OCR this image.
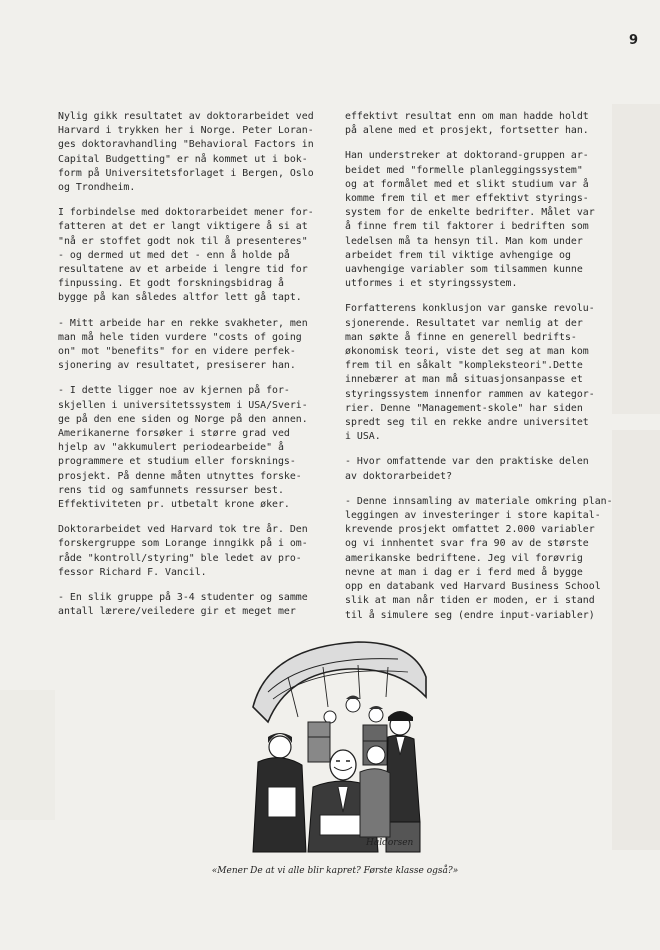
9
Nylig gikk resultatet av doktorarbeidet ved
Harvard i trykken her i Norge. Peter Loran-
ges doktoravhandling "Behavioral Factors in
Capital Budgetting" er nå kommet ut i bok-
form på Universitetsforlaget i Bergen, Oslo
og Trondheim.
I forbindelse med doktorarbeidet mener for-
fatteren at det er langt viktigere å si at
"nå er stoffet godt nok til å presenteres"
- og dermed ut med det - enn å holde på
resultatene av et arbeide i lengre tid for
finpussing. Et godt forskningsbidrag å
bygge på kan således altfor lett gå tapt.
- Mitt arbeide har en rekke svakheter, men
man må hele tiden vurdere "costs of going
on" mot "benefits" for en videre perfek-
sjonering av resultatet, presiserer han.
- I dette ligger noe av kjernen på for-
skjellen i universitetssystem i USA/Sveri-
ge på den ene siden og Norge på den annen.
Amerikanerne forsøker i større grad ved
hjelp av "akkumulert periodearbeide" å
programmere et studium eller forsknings-
prosjekt. På denne måten utnyttes forske-
rens tid og samfunnets ressurser best.
Effektiviteten pr. utbetalt krone øker.
Doktorarbeidet ved Harvard tok tre år. Den
forskergruppe som Lorange inngikk på i om-
råde "kontroll/styring" ble ledet av pro-
fessor Richard F. Vancil.
- En slik gruppe på 3-4 studenter og samme
antall lærere/veiledere gir et meget mer
effektivt resultat enn om man hadde holdt
på alene med et prosjekt, fortsetter han.
Han understreker at doktorand-gruppen ar-
beidet med "formelle planleggingssystem"
og at formålet med et slikt studium var å
komme frem til et mer effektivt styrings-
system for de enkelte bedrifter. Målet var
å finne frem til faktorer i bedriften som
ledelsen må ta hensyn til. Man kom under
arbeidet frem til viktige avhengige og
uavhengige variabler som tilsammen kunne
utformes i et styringssystem.
Forfatterens konklusjon var ganske revolu-
sjonerende. Resultatet var nemlig at der
man søkte å finne en generell bedrifts-
økonomisk teori, viste det seg at man kom
frem til en såkalt "kompleksteori".Dette
innebærer at man må situasjonsanpasse et
styringssystem innenfor rammen av kategor-
rier. Denne "Management-skole" har siden
spredt seg til en rekke andre universitet
i USA.
- Hvor omfattende var den praktiske delen
av doktorarbeidet?
- Denne innsamling av materiale omkring plan-
leggingen av investeringer i store kapital-
krevende prosjekt omfattet 2.000 variabler
og vi innhentet svar fra 90 av de største
amerikanske bedriftene. Jeg vil forøvrig
nevne at man i dag er i ferd med å bygge
opp en databank ved Harvard Business School
slik at man når tiden er moden, er i stand
til å simulere seg (endre input-variabler)
Haldorsen
«Mener De at vi alle blir kapret? Første klasse også?»
